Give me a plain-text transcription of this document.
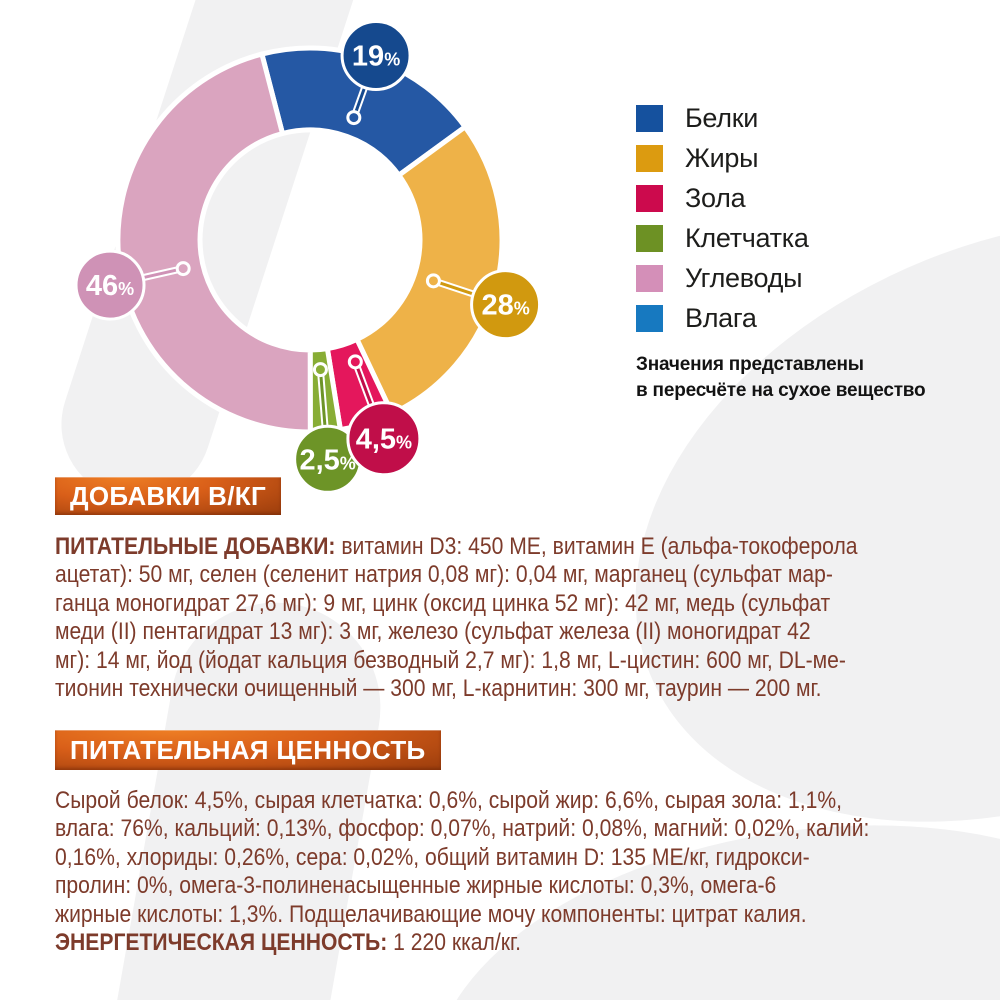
46%
2,5%
4,5%
28%
19%
Белки
Жиры
Зола
Клетчатка
Углеводы
Влага
Значения представлены
в пересчёте на сухое вещество
ДОБАВКИ В/КГ
ПИТАТЕЛЬНЫЕ ДОБАВКИ: витамин D3: 450 МЕ, витамин Е (альфа-токоферола
ацетат): 50 мг, селен (селенит натрия 0,08 мг): 0,04 мг, марганец (сульфат мар-
ганца моногидрат 27,6 мг): 9 мг, цинк (оксид цинка 52 мг): 42 мг, медь (сульфат
меди (II) пентагидрат 13 мг): 3 мг, железо (сульфат железа (II) моногидрат 42
мг): 14 мг, йод (йодат кальция безводный 2,7 мг): 1,8 мг, L-цистин: 600 мг, DL-ме-
тионин технически очищенный — 300 мг, L-карнитин: 300 мг, таурин — 200 мг.
ПИТАТЕЛЬНАЯ ЦЕННОСТЬ
Сырой белок: 4,5%, сырая клетчатка: 0,6%, сырой жир: 6,6%, сырая зола: 1,1%,
влага: 76%, кальций: 0,13%, фосфор: 0,07%, натрий: 0,08%, магний: 0,02%, калий:
0,16%, хлориды: 0,26%, сера: 0,02%, общий витамин D: 135 МЕ/кг, гидрокси-
пролин: 0%, омега-3-полиненасыщенные жирные кислоты: 0,3%, омега-6
жирные кислоты: 1,3%. Подщелачивающие мочу компоненты: цитрат калия.
ЭНЕРГЕТИЧЕСКАЯ ЦЕННОСТЬ: 1 220 ккал/кг.
